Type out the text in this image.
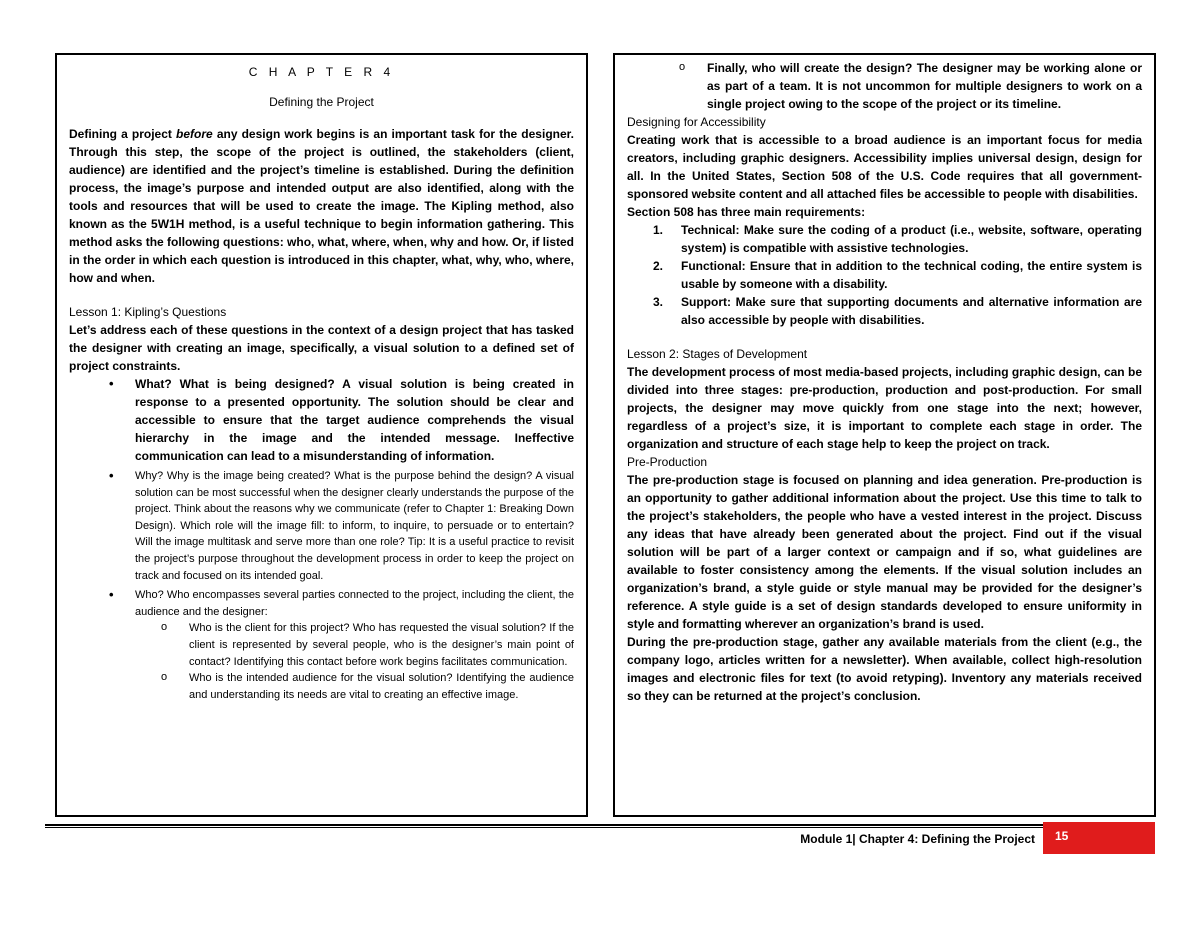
C H A P T E R 4

Defining the Project

Defining a project before any design work begins is an important task for the designer. Through this step, the scope of the project is outlined, the stakeholders (client, audience) are identified and the project’s timeline is established. During the definition process, the image’s purpose and intended output are also identified, along with the tools and resources that will be used to create the image. The Kipling method, also known as the 5W1H method, is a useful technique to begin information gathering. This method asks the following questions: who, what, where, when, why and how. Or, if listed in the order in which each question is introduced in this chapter, what, why, who, where, how and when.

Lesson 1: Kipling’s Questions

Let’s address each of these questions in the context of a design project that has tasked the designer with creating an image, specifically, a visual solution to a defined set of project constraints.

• What? What is being designed? A visual solution is being created in response to a presented opportunity. The solution should be clear and accessible to ensure that the target audience comprehends the visual hierarchy in the image and the intended message. Ineffective communication can lead to a misunderstanding of information.
• Why? Why is the image being created? What is the purpose behind the design? A visual solution can be most successful when the designer clearly understands the purpose of the project. Think about the reasons why we communicate (refer to Chapter 1: Breaking Down Design). Which role will the image fill: to inform, to inquire, to persuade or to entertain? Will the image multitask and serve more than one role? Tip: It is a useful practice to revisit the project’s purpose throughout the development process in order to keep the project on track and focused on its intended goal.
• Who? Who encompasses several parties connected to the project, including the client, the audience and the designer:
o Who is the client for this project? Who has requested the visual solution? If the client is represented by several people, who is the designer’s main point of contact? Identifying this contact before work begins facilitates communication.
o Who is the intended audience for the visual solution? Identifying the audience and understanding its needs are vital to creating an effective image.
o Finally, who will create the design? The designer may be working alone or as part of a team. It is not uncommon for multiple designers to work on a single project owing to the scope of the project or its timeline.

Designing for Accessibility

Creating work that is accessible to a broad audience is an important focus for media creators, including graphic designers. Accessibility implies universal design, design for all. In the United States, Section 508 of the U.S. Code requires that all government-sponsored website content and all attached files be accessible to people with disabilities.

Section 508 has three main requirements:

1. Technical: Make sure the coding of a product (i.e., website, software, operating system) is compatible with assistive technologies.
2. Functional: Ensure that in addition to the technical coding, the entire system is usable by someone with a disability.
3. Support: Make sure that supporting documents and alternative information are also accessible by people with disabilities.

Lesson 2: Stages of Development

The development process of most media-based projects, including graphic design, can be divided into three stages: pre-production, production and post-production. For small projects, the designer may move quickly from one stage into the next; however, regardless of a project’s size, it is important to complete each stage in order. The organization and structure of each stage help to keep the project on track.

Pre-Production

The pre-production stage is focused on planning and idea generation. Pre-production is an opportunity to gather additional information about the project. Use this time to talk to the project’s stakeholders, the people who have a vested interest in the project. Discuss any ideas that have already been generated about the project. Find out if the visual solution will be part of a larger context or campaign and if so, what guidelines are available to foster consistency among the elements. If the visual solution includes an organization’s brand, a style guide or style manual may be provided for the designer’s reference. A style guide is a set of design standards developed to ensure uniformity in style and formatting wherever an organization’s brand is used.

During the pre-production stage, gather any available materials from the client (e.g., the company logo, articles written for a newsletter). When available, collect high-resolution images and electronic files for text (to avoid retyping). Inventory any materials received so they can be returned at the project’s conclusion.

Module 1| Chapter 4: Defining the Project	15
